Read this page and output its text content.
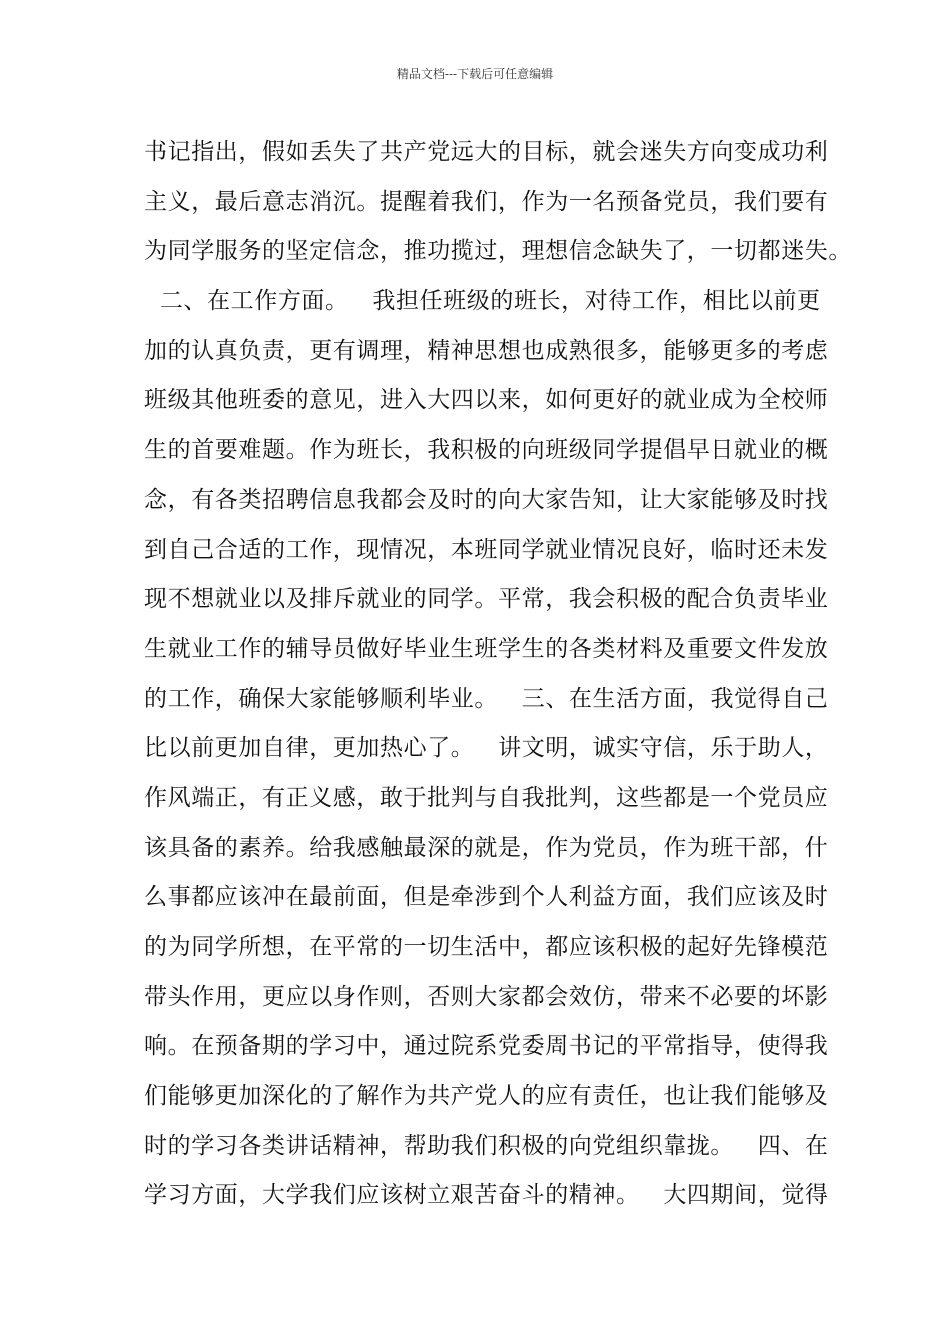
精品文档---下载后可任意编辑
书记指出，假如丢失了共产党远大的目标，就会迷失方向变成功利
主义，最后意志消沉。提醒着我们，作为一名预备党员，我们要有
为同学服务的坚定信念，推功揽过，理想信念缺失了，一切都迷失。
二、在工作方面。   我担任班级的班长，对待工作，相比以前更
加的认真负责，更有调理，精神思想也成熟很多，能够更多的考虑
班级其他班委的意见，进入大四以来，如何更好的就业成为全校师
生的首要难题。作为班长，我积极的向班级同学提倡早日就业的概
念，有各类招聘信息我都会及时的向大家告知，让大家能够及时找
到自己合适的工作，现情况，本班同学就业情况良好，临时还未发
现不想就业以及排斥就业的同学。平常，我会积极的配合负责毕业
生就业工作的辅导员做好毕业生班学生的各类材料及重要文件发放
的工作，确保大家能够顺利毕业。   三、在生活方面，我觉得自己
比以前更加自律，更加热心了。   讲文明，诚实守信，乐于助人，
作风端正，有正义感，敢于批判与自我批判，这些都是一个党员应
该具备的素养。给我感触最深的就是，作为党员，作为班干部，什
么事都应该冲在最前面，但是牵涉到个人利益方面，我们应该及时
的为同学所想，在平常的一切生活中，都应该积极的起好先锋模范
带头作用，更应以身作则，否则大家都会效仿，带来不必要的坏影
响。在预备期的学习中，通过院系党委周书记的平常指导，使得我
们能够更加深化的了解作为共产党人的应有责任，也让我们能够及
时的学习各类讲话精神，帮助我们积极的向党组织靠拢。   四、在
学习方面，大学我们应该树立艰苦奋斗的精神。   大四期间，觉得
